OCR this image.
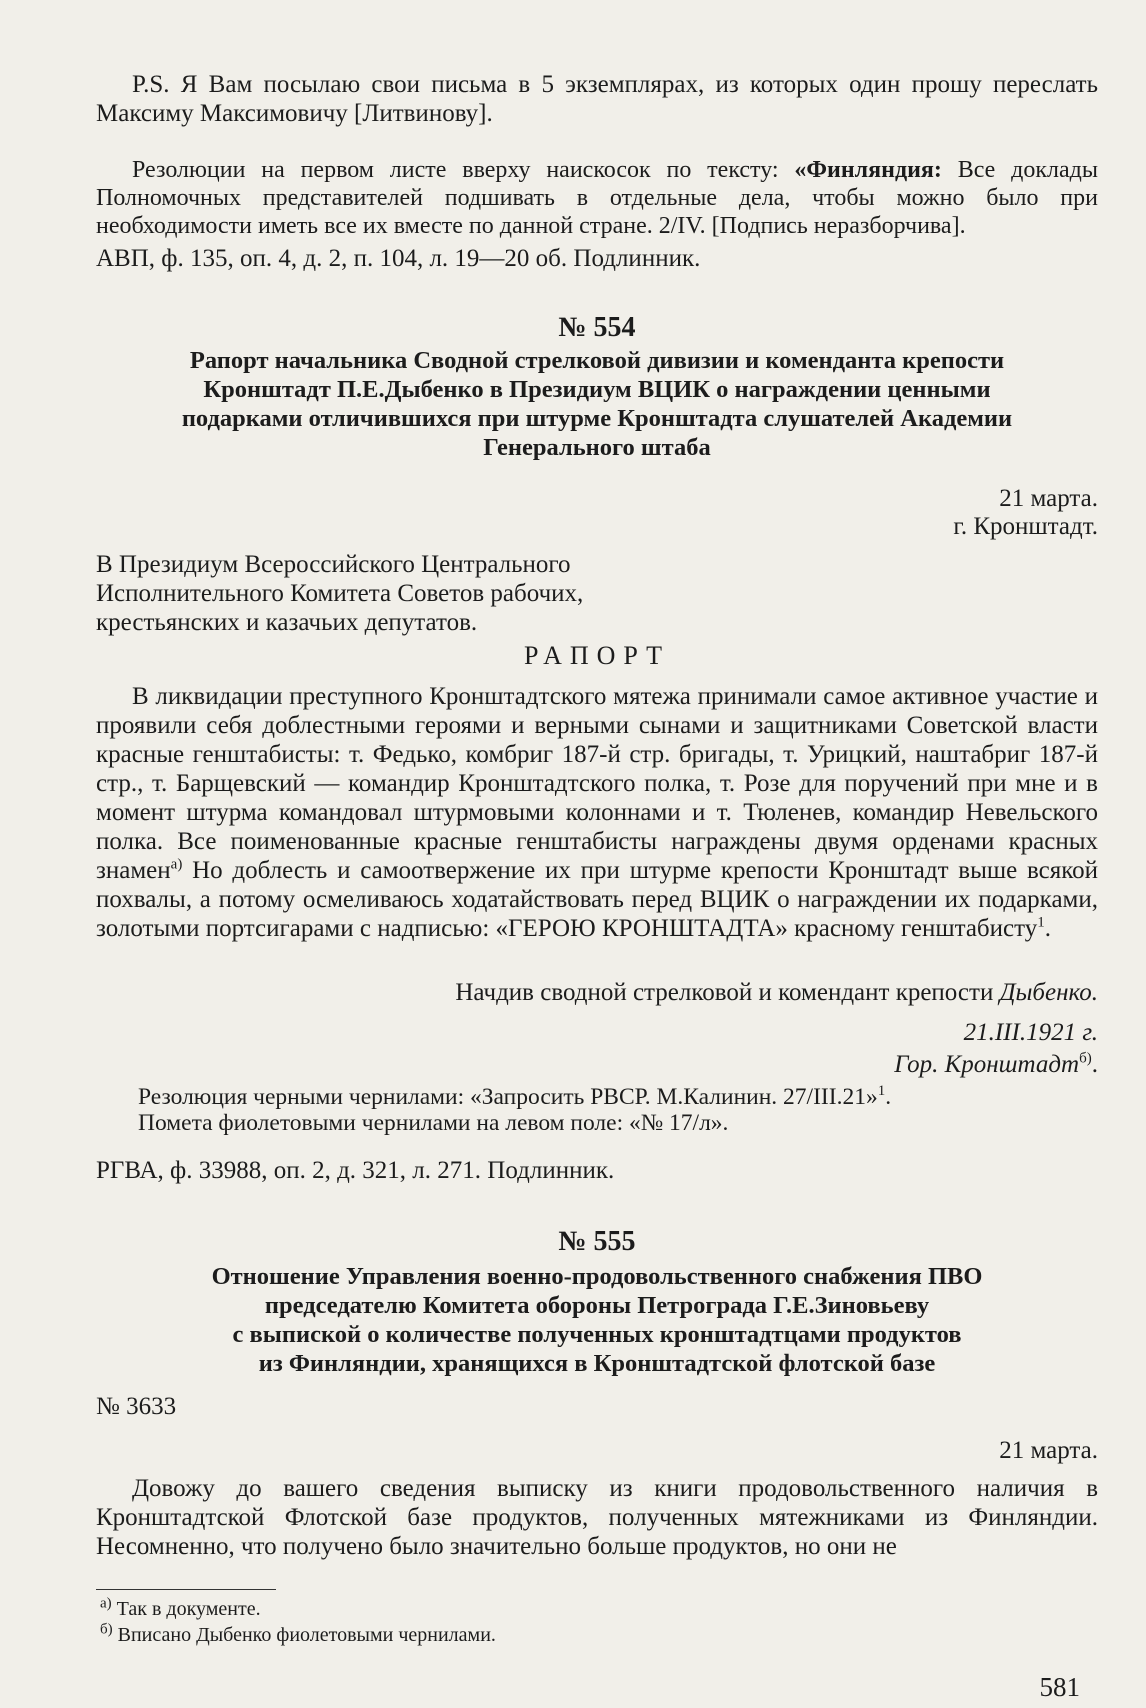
P.S. Я Вам посылаю свои письма в 5 экземплярах, из которых один прошу переслать Максиму Максимовичу [Литвинову].

Резолюции на первом листе вверху наискосок по тексту: «Финляндия: Все доклады Полномочных представителей подшивать в отдельные дела, чтобы можно было при необходимости иметь все их вместе по данной стране. 2/IV. [Подпись неразборчива].

АВП, ф. 135, оп. 4, д. 2, п. 104, л. 19—20 об. Подлинник.

№ 554

Рапорт начальника Сводной стрелковой дивизии и коменданта крепости Кронштадт П.Е.Дыбенко в Президиум ВЦИК о награждении ценными подарками отличившихся при штурме Кронштадта слушателей Академии Генерального штаба

21 марта.

г. Кронштадт.

В Президиум Всероссийского Центрального
Исполнительного Комитета Советов рабочих,
крестьянских и казачьих депутатов.

РАПОРТ

В ликвидации преступного Кронштадтского мятежа принимали самое активное участие и проявили себя доблестными героями и верными сынами и защитниками Советской власти красные генштабисты: т. Федько, комбриг 187-й стр. бригады, т. Урицкий, наштабриг 187-й стр., т. Барщевский — командир Кронштадтского полка, т. Розе для поручений при мне и в момент штурма командовал штурмовыми колоннами и т. Тюленев, командир Невельского полка. Все поименованные красные генштабисты награждены двумя орденами красных знамен$^{а)}$ Но доблесть и самоотвержение их при штурме крепости Кронштадт выше всякой похвалы, а потому осмеливаюсь ходатайствовать перед ВЦИК о награждении их подарками, золотыми портсигарами с надписью: «ГЕРОЮ КРОНШТАДТА» красному генштабисту$^1$.

Начдив сводной стрелковой и комендант крепости Дыбенко.

21.III.1921 г.

Гор. Кронштадт$^{б)}$.

Резолюция черными чернилами: «Запросить РВСР. М.Калинин. 27/III.21»$^1$.

Помета фиолетовыми чернилами на левом поле: «№ 17/л».

РГВА, ф. 33988, оп. 2, д. 321, л. 271. Подлинник.

№ 555

Отношение Управления военно-продовольственного снабжения ПВО
председателю Комитета обороны Петрограда Г.Е.Зиновьеву
с выпиской о количестве полученных кронштадтцами продуктов
из Финляндии, хранящихся в Кронштадтской флотской базе

№ 3633

21 марта.

Довожу до вашего сведения выписку из книги продовольственного наличия в Кронштадтской Флотской базе продуктов, полученных мятежниками из Финляндии. Несомненно, что получено было значительно больше продуктов, но они не

$^{а)}$ Так в документе.

$^{б)}$ Вписано Дыбенко фиолетовыми чернилами.

581
